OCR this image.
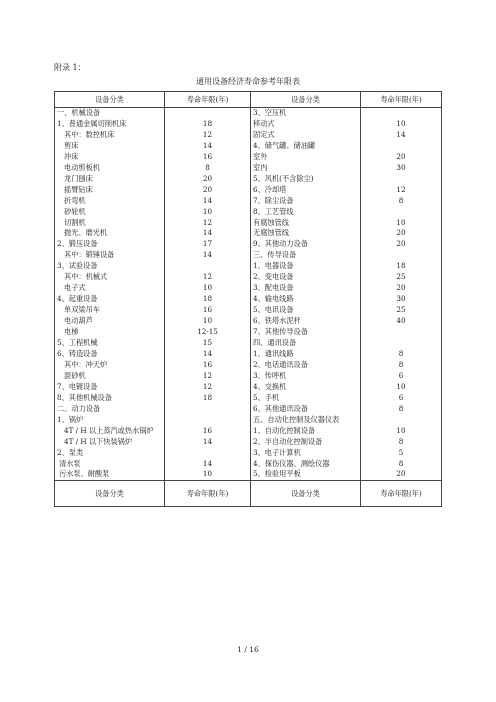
附录 1：
通用设备经济寿命参考年限表
设备分类	寿命年限(年)	设备分类	寿命年限(年)
一、机械设备		3、空压机	
1、普通金属切削机床	18	移动式	10
其中：数控机床	12	固定式	14
剪床	14	4、储气罐、储油罐	
冲床	16	室外	20
电动剪板机	8	室内	30
龙门刨床	20	5、风机(不含除尘)	
摇臂钻床	20	6、冷却塔	12
折弯机	14	7、除尘设备	8
砂轮机	10	8、工艺管线	
切割机	12	有腐蚀管线	10
抛光、磨光机	14	无腐蚀管线	20
2、锻压设备	17	9、其他动力设备	20
其中：锻锤设备	14	三、传导设备	
3、试验设备		1、电器设备	18
其中：机械式	12	2、变电设备	25
电子式	10	3、配电设备	20
4、起重设备	18	4、输电线路	30
单双梁吊车	16	5、电讯设备	25
电动葫芦	10	6、铁塔水泥杆	40
电梯	12-15	7、其他传导设备	
5、工程机械	15	四、通讯设备	
6、铸造设备	14	1、通讯线路	8
其中：冲天炉	16	2、电话通讯设备	8
混砂机	12	3、传呼机	6
7、电镀设备	12	4、交换机	10
8、其他机械设备	18	5、手机	6
二、动力设备		6、其他通讯设备	8
1、锅炉		五、自动化控制及仪器仪表	
4T / H 以上蒸汽或热水锅炉	16	1、自动化控制设备	10
4T / H 以下快装锅炉	14	2、半自动化控制设备	8
2、泵类		3、电子计算机	5
清水泵	14	4、探伤仪器、测绘仪器	8
污水泵、耐酸泵	10	5、检验用平板	20
设备分类	寿命年限(年)	设备分类	寿命年限(年)
1 / 16
